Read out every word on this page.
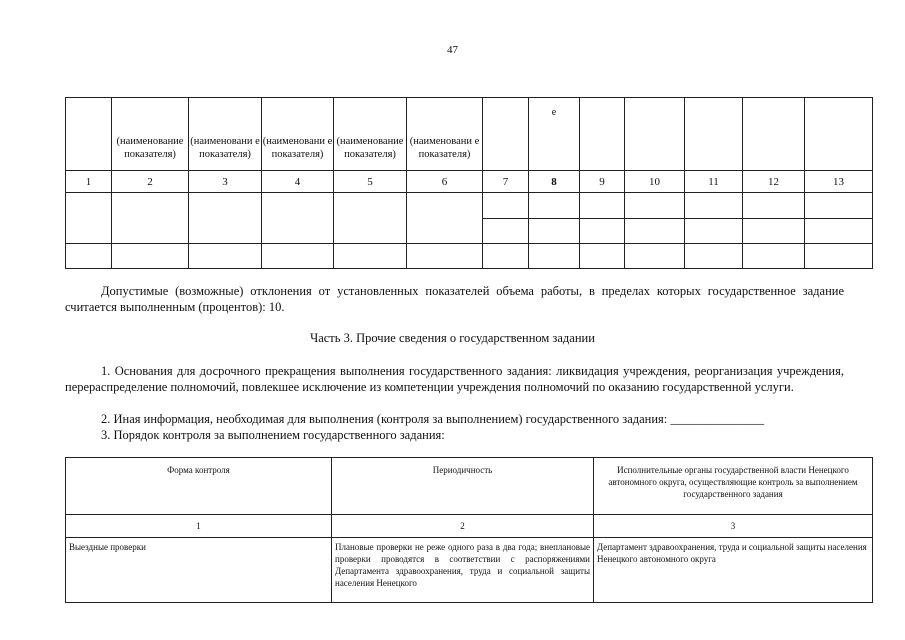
47

	(наименование показателя)	(наименовани е показателя)	(наименовани е показателя)	(наименование показателя)	(наименовани е показателя)		е					

1	2	3	4	5	6	7	8	9	10	11	12	13

Допустимые (возможные) отклонения от установленных показателей объема работы, в пределах которых государственное задание считается выполненным (процентов): 10.
Часть 3. Прочие сведения о государственном задании
1. Основания для досрочного прекращения выполнения государственного задания: ликвидация учреждения, реорганизация учреждения, перераспределение полномочий, повлекшее исключение из компетенции учреждения полномочий по оказанию государственной услуги.
2. Иная информация, необходимая для выполнения (контроля за выполнением) государственного задания: _______________
3. Порядок контроля за выполнением государственного задания:
Форма контроля	Периодичность	Исполнительные органы государственной власти Ненецкого автономного округа, осуществляющие контроль за выполнением государственного задания
1	2	3
Выездные проверки	Плановые проверки не реже одного раза в два года; внеплановые проверки проводятся в соответствии с распоряжениями Департамента здравоохранения, труда и социальной защиты населения Ненецкого	Департамент здравоохранения, труда и социальной защиты населения Ненецкого автономного округа
